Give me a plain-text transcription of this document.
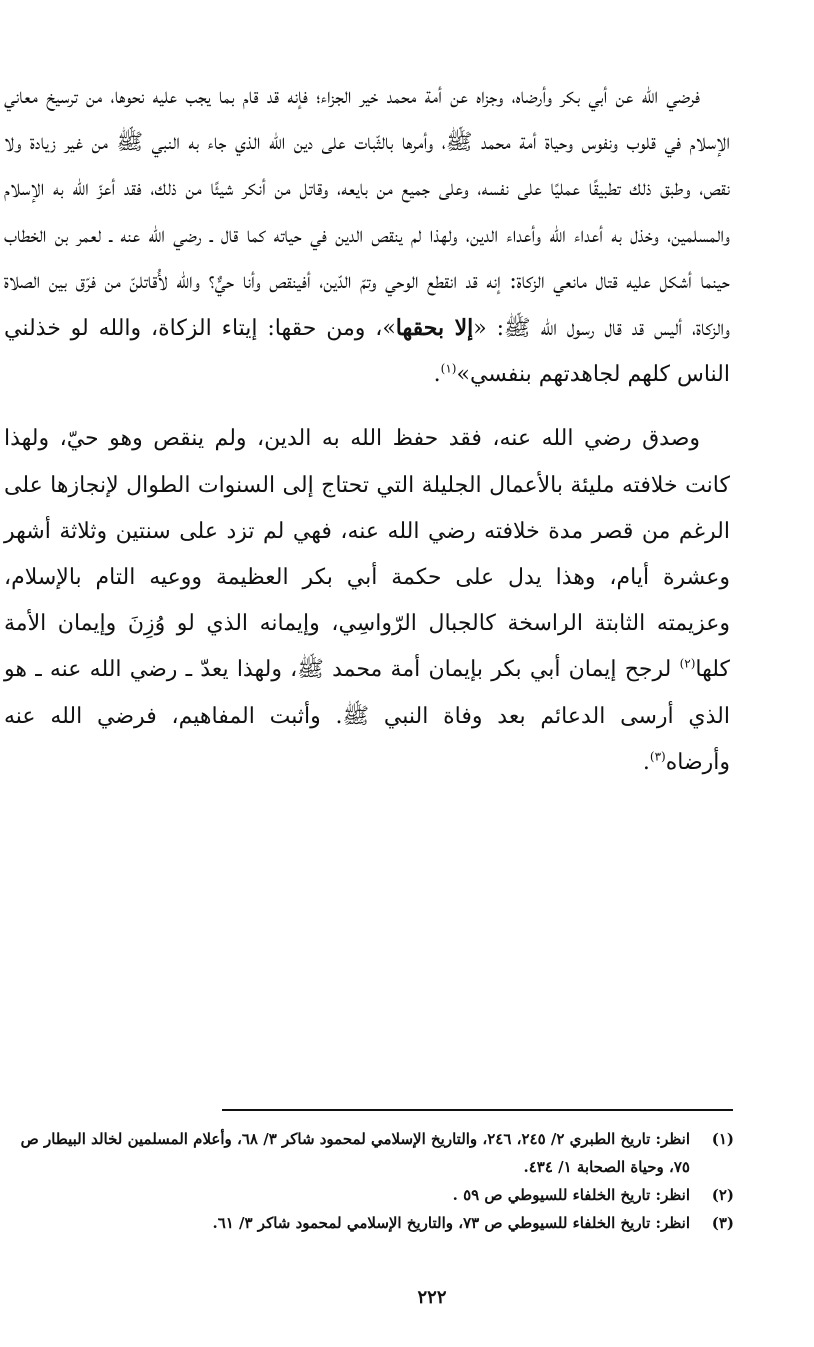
فرضي الله عن أبي بكر وأرضاه، وجزاه عن أمة محمد خير الجزاء؛ فإنه قد قام بما يجب عليه نحوها، من ترسيخ معاني الإسلام في قلوب ونفوس وحياة أمة محمد ﷺ، وأمرها بالثّبات على دين الله الذي جاء به النبي ﷺ من غير زيادة ولا نقص، وطبق ذلك تطبيقًا عمليًا على نفسه، وعلى جميع من بايعه، وقاتل من أنكر شيئًا من ذلك، فقد أعزّ الله به الإسلام والمسلمين، وخذل به أعداء الله وأعداء الدين، ولهذا لم ينقص الدين في حياته كما قال ـ رضي الله عنه ـ لعمر بن الخطاب حينما أشكل عليه قتال مانعي الزكاة: إنه قد انقطع الوحي وتمّ الدّين، أفينقص وأنا حيٌّ؟ والله لأُقاتلنّ من فرّق بين الصلاة والزكاة، أليس قد قال رسول الله ﷺ: «إلا بحقها»، ومن حقها: إيتاء الزكاة، والله لو خذلني الناس كلهم لجاهدتهم بنفسي»$^{(١)}$.

وصدق رضي الله عنه، فقد حفظ الله به الدين، ولم ينقص وهو حيّ، ولهذا كانت خلافته مليئة بالأعمال الجليلة التي تحتاج إلى السنوات الطوال لإنجازها على الرغم من قصر مدة خلافته رضي الله عنه، فهي لم تزد على سنتين وثلاثة أشهر وعشرة أيام، وهذا يدل على حكمة أبي بكر العظيمة ووعيه التام بالإسلام، وعزيمته الثابتة الراسخة كالجبال الرّواسِي، وإيمانه الذي لو وُزِنَ وإيمان الأمة كلها$^{(٢)}$ لرجح إيمان أبي بكر بإيمان أمة محمد ﷺ، ولهذا يعدّ ـ رضي الله عنه ـ هو الذي أرسى الدعائم بعد وفاة النبي ﷺ. وأثبت المفاهيم، فرضي الله عنه وأرضاه$^{(٣)}$.

(١)
انظر: تاريخ الطبري ٢/ ٢٤٥، ٢٤٦، والتاريخ الإسلامي لمحمود شاكر ٣/ ٦٨، وأعلام المسلمين لخالد البيطار ص ٧٥، وحياة الصحابة ١/ ٤٣٤.
(٢)
انظر: تاريخ الخلفاء للسيوطي ص ٥٩ .
(٣)
انظر: تاريخ الخلفاء للسيوطي ص ٧٣، والتاريخ الإسلامي لمحمود شاكر ٣/ ٦١.
٢٢٢
